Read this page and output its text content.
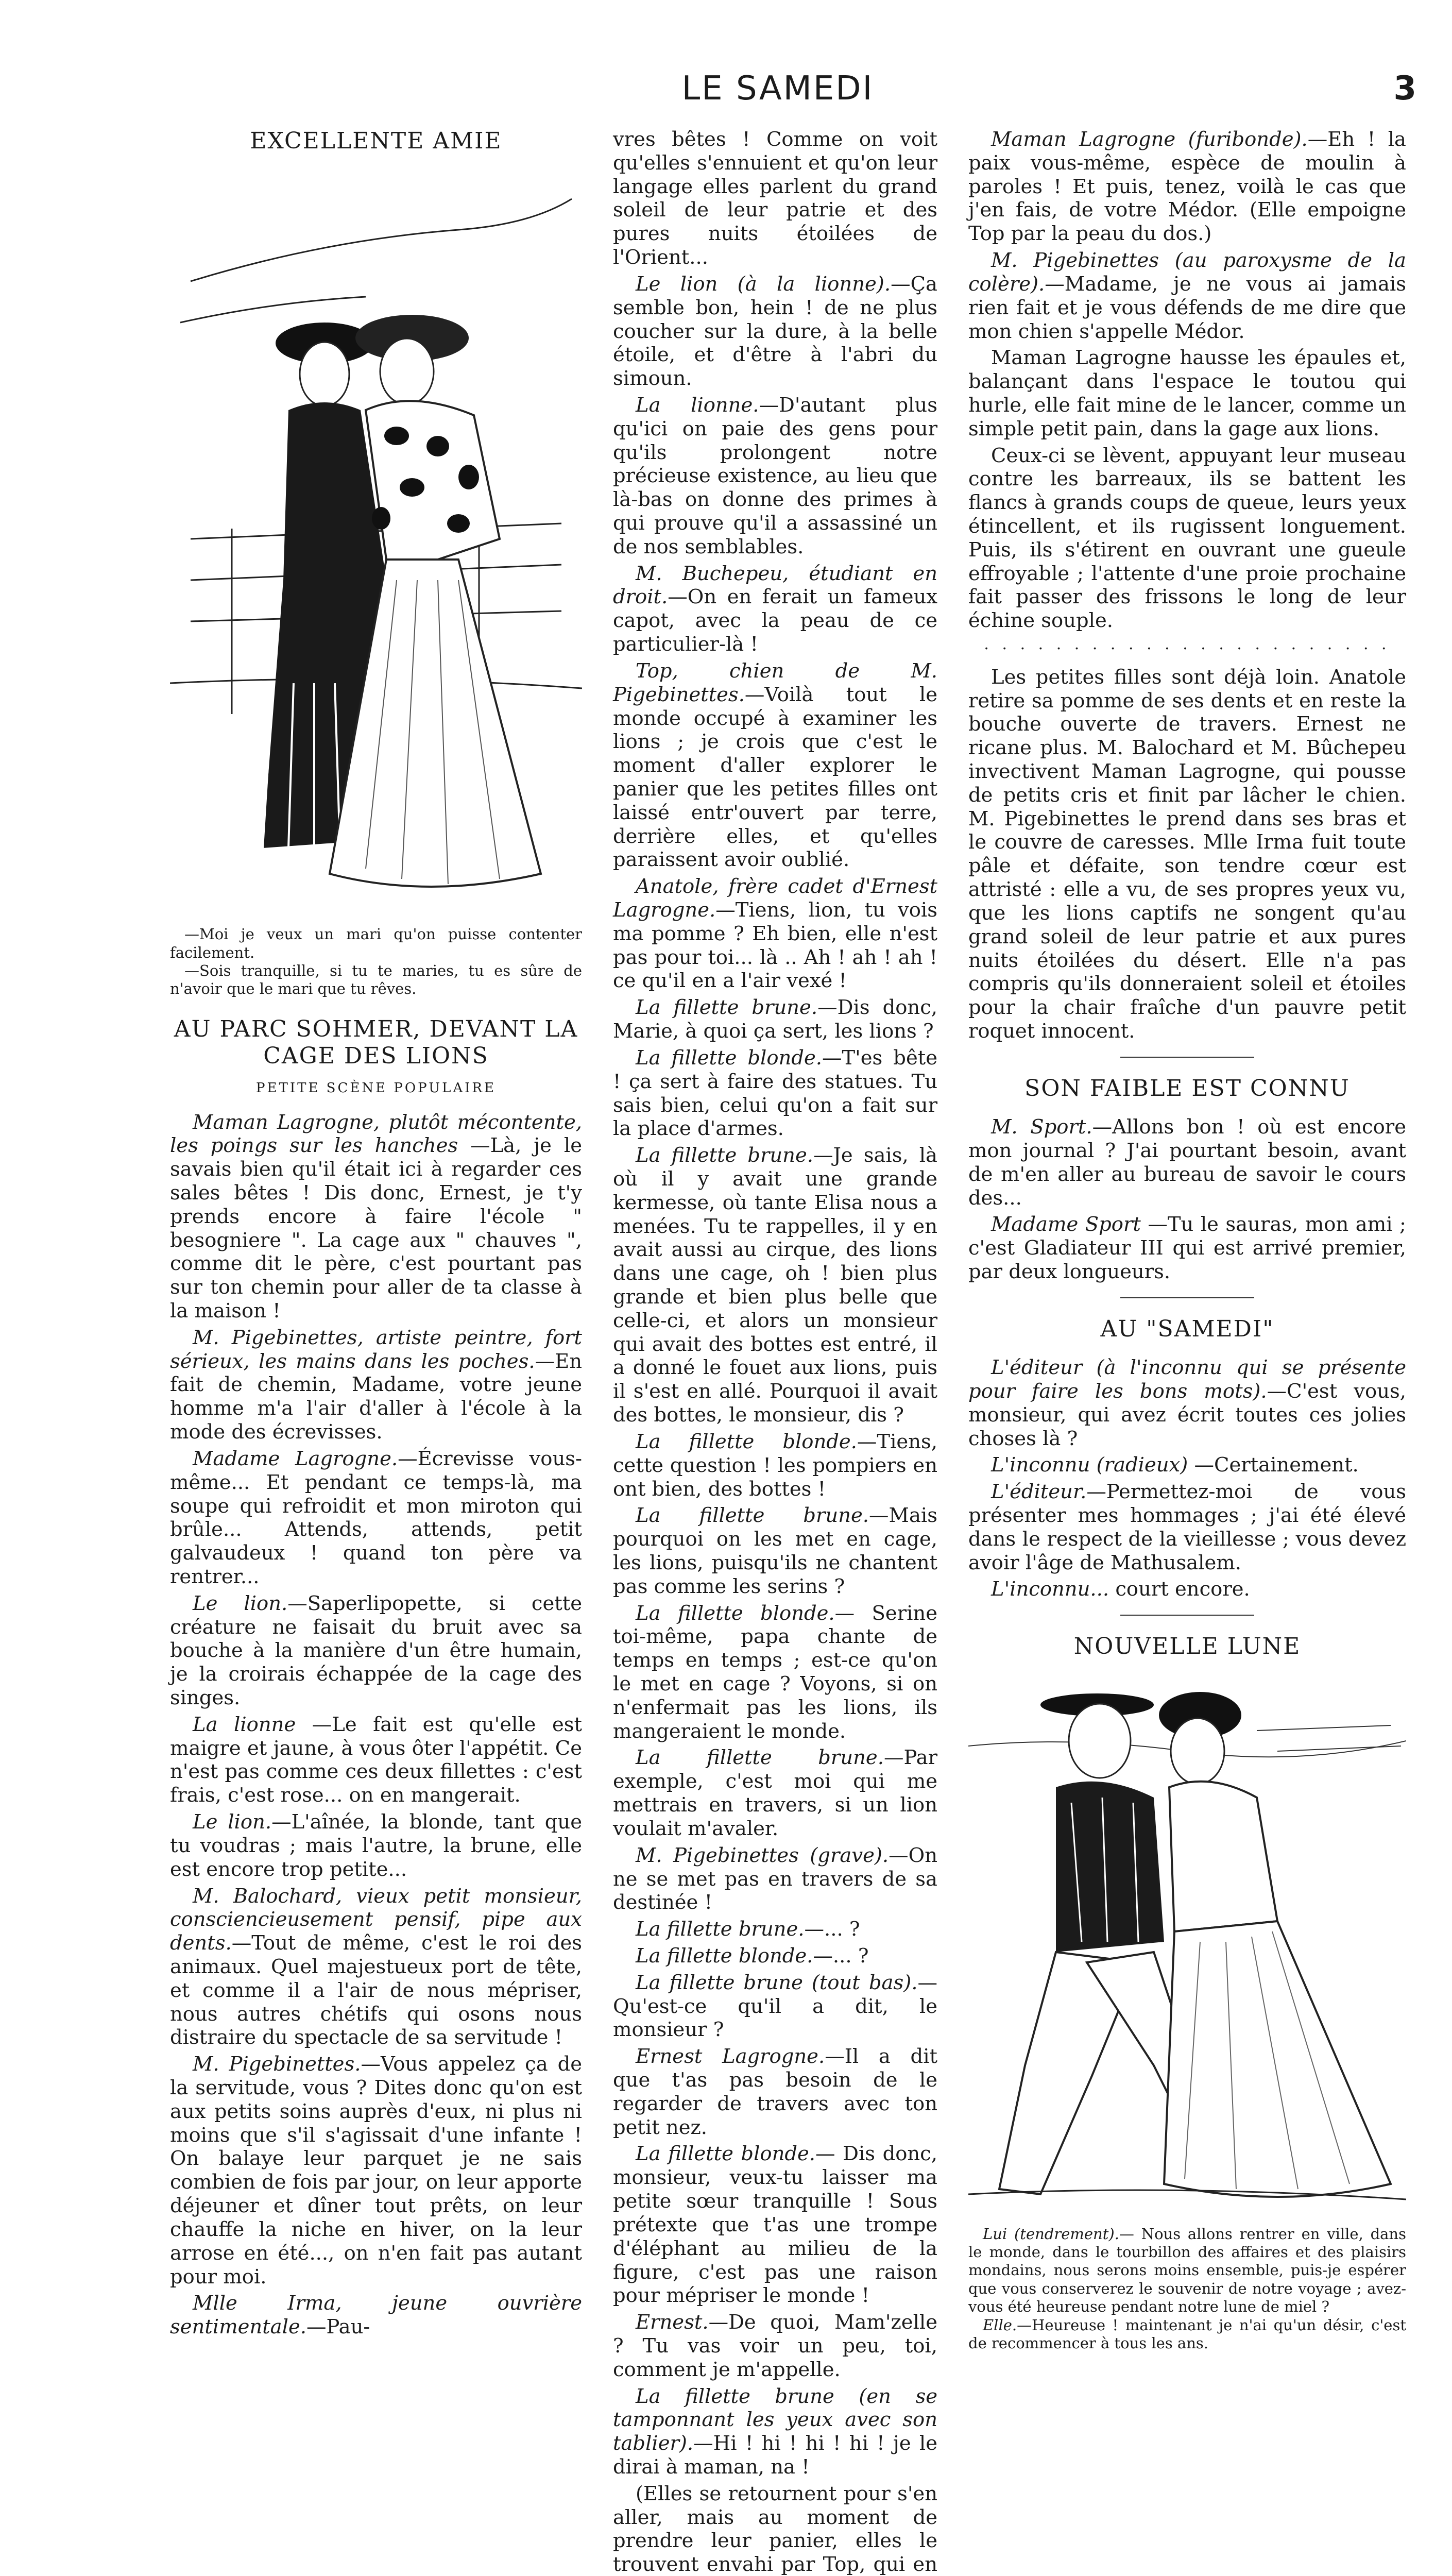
LE SAMEDI	3
EXCELLENTE AMIE

—Moi je veux un mari qu'on puisse contenter facilement.

—Sois tranquille, si tu te maries, tu es sûre de n'avoir que le mari que tu rêves.

AU PARC SOHMER, DEVANT LA CAGE DES LIONS
PETITE SCÈNE POPULAIRE

Maman Lagrogne, plutôt mécontente, les poings sur les hanches —Là, je le savais bien qu'il était ici à regarder ces sales bêtes ! Dis donc, Ernest, je t'y prends encore à faire l'école " besogniere ". La cage aux " chauves ", comme dit le père, c'est pourtant pas sur ton chemin pour aller de ta classe à la maison !

M. Pigebinettes, artiste peintre, fort sérieux, les mains dans les poches.—En fait de chemin, Madame, votre jeune homme m'a l'air d'aller à l'école à la mode des écrevisses.

Madame Lagrogne.—Écrevisse vous-même... Et pendant ce temps-là, ma soupe qui refroidit et mon miroton qui brûle... Attends, attends, petit galvaudeux ! quand ton père va rentrer...

Le lion.—Saperlipopette, si cette créature ne faisait du bruit avec sa bouche à la manière d'un être humain, je la croirais échappée de la cage des singes.

La lionne —Le fait est qu'elle est maigre et jaune, à vous ôter l'appétit. Ce n'est pas comme ces deux fillettes : c'est frais, c'est rose... on en mangerait.

Le lion.—L'aînée, la blonde, tant que tu voudras ; mais l'autre, la brune, elle est encore trop petite...

M. Balochard, vieux petit monsieur, consciencieusement pensif, pipe aux dents.—Tout de même, c'est le roi des animaux. Quel majestueux port de tête, et comme il a l'air de nous mépriser, nous autres chétifs qui osons nous distraire du spectacle de sa servitude !

M. Pigebinettes.—Vous appelez ça de la servitude, vous ? Dites donc qu'on est aux petits soins auprès d'eux, ni plus ni moins que s'il s'agissait d'une infante ! On balaye leur parquet je ne sais combien de fois par jour, on leur apporte déjeuner et dîner tout prêts, on leur chauffe la niche en hiver, on la leur arrose en été..., on n'en fait pas autant pour moi.

Mlle Irma, jeune ouvrière sentimentale.—Pau-

vres bêtes ! Comme on voit qu'elles s'ennuient et qu'on leur langage elles parlent du grand soleil de leur patrie et des pures nuits étoilées de l'Orient...

Le lion (à la lionne).—Ça semble bon, hein ! de ne plus coucher sur la dure, à la belle étoile, et d'être à l'abri du simoun.

La lionne.—D'autant plus qu'ici on paie des gens pour qu'ils prolongent notre précieuse existence, au lieu que là-bas on donne des primes à qui prouve qu'il a assassiné un de nos semblables.

M. Buchepeu, étudiant en droit.—On en ferait un fameux capot, avec la peau de ce particulier-là !

Top, chien de M. Pigebinettes.—Voilà tout le monde occupé à examiner les lions ; je crois que c'est le moment d'aller explorer le panier que les petites filles ont laissé entr'ouvert par terre, derrière elles, et qu'elles paraissent avoir oublié.

Anatole, frère cadet d'Ernest Lagrogne.—Tiens, lion, tu vois ma pomme ? Eh bien, elle n'est pas pour toi... là .. Ah ! ah ! ah ! ce qu'il en a l'air vexé !

La fillette brune.—Dis donc, Marie, à quoi ça sert, les lions ?

La fillette blonde.—T'es bête ! ça sert à faire des statues. Tu sais bien, celui qu'on a fait sur la place d'armes.

La fillette brune.—Je sais, là où il y avait une grande kermesse, où tante Elisa nous a menées. Tu te rappelles, il y en avait aussi au cirque, des lions dans une cage, oh ! bien plus grande et bien plus belle que celle-ci, et alors un monsieur qui avait des bottes est entré, il a donné le fouet aux lions, puis il s'est en allé. Pourquoi il avait des bottes, le monsieur, dis ?

La fillette blonde.—Tiens, cette question ! les pompiers en ont bien, des bottes !

La fillette brune.—Mais pourquoi on les met en cage, les lions, puisqu'ils ne chantent pas comme les serins ?

La fillette blonde.— Serine toi-même, papa chante de temps en temps ; est-ce qu'on le met en cage ? Voyons, si on n'enfermait pas les lions, ils mangeraient le monde.

La fillette brune.—Par exemple, c'est moi qui me mettrais en travers, si un lion voulait m'avaler.

M. Pigebinettes (grave).—On ne se met pas en travers de sa destinée !

La fillette brune.—... ?

La fillette blonde.—... ?

La fillette brune (tout bas).—Qu'est-ce qu'il a dit, le monsieur ?

Ernest Lagrogne.—Il a dit que t'as pas besoin de le regarder de travers avec ton petit nez.

La fillette blonde.— Dis donc, monsieur, veux-tu laisser ma petite sœur tranquille ! Sous prétexte que t'as une trompe d'éléphant au milieu de la figure, c'est pas une raison pour mépriser le monde !

Ernest.—De quoi, Mam'zelle ? Tu vas voir un peu, toi, comment je m'appelle.

La fillette brune (en se tamponnant les yeux avec son tablier).—Hi ! hi ! hi ! hi ! je le dirai à maman, na !

(Elles se retournent pour s'en aller, mais au moment de prendre leur panier, elles le trouvent envahi par Top, qui en

Maman Lagrogne (furibonde).—Eh ! la paix vous-même, espèce de moulin à paroles ! Et puis, tenez, voilà le cas que j'en fais, de votre Médor. (Elle empoigne Top par la peau du dos.)

M. Pigebinettes (au paroxysme de la colère).—Madame, je ne vous ai jamais rien fait et je vous défends de me dire que mon chien s'appelle Médor.

Maman Lagrogne hausse les épaules et, balançant dans l'espace le toutou qui hurle, elle fait mine de le lancer, comme un simple petit pain, dans la gage aux lions.

Ceux-ci se lèvent, appuyant leur museau contre les barreaux, ils se battent les flancs à grands coups de queue, leurs yeux étincellent, et ils rugissent longuement. Puis, ils s'étirent en ouvrant une gueule effroyable ; l'attente d'une proie prochaine fait passer des frissons le long de leur échine souple.

· · · · · · · · · · · · · · · · · · · · · · ·

Les petites filles sont déjà loin. Anatole retire sa pomme de ses dents et en reste la bouche ouverte de travers. Ernest ne ricane plus. M. Balochard et M. Bûchepeu invectivent Maman Lagrogne, qui pousse de petits cris et finit par lâcher le chien. M. Pigebinettes le prend dans ses bras et le couvre de caresses. Mlle Irma fuit toute pâle et défaite, son tendre cœur est attristé : elle a vu, de ses propres yeux vu, que les lions captifs ne songent qu'au grand soleil de leur patrie et aux pures nuits étoilées du désert. Elle n'a pas compris qu'ils donneraient soleil et étoiles pour la chair fraîche d'un pauvre petit roquet innocent.

SON FAIBLE EST CONNU

M. Sport.—Allons bon ! où est encore mon journal ? J'ai pourtant besoin, avant de m'en aller au bureau de savoir le cours des...

Madame Sport —Tu le sauras, mon ami ; c'est Gladiateur III qui est arrivé premier, par deux longueurs.

AU "SAMEDI"

L'éditeur (à l'inconnu qui se présente pour faire les bons mots).—C'est vous, monsieur, qui avez écrit toutes ces jolies choses là ?

L'inconnu (radieux) —Certainement.

L'éditeur.—Permettez-moi de vous présenter mes hommages ; j'ai été élevé dans le respect de la vieillesse ; vous devez avoir l'âge de Mathusalem.

L'inconnu... court encore.

NOUVELLE LUNE

Lui (tendrement).— Nous allons rentrer en ville, dans le monde, dans le tourbillon des affaires et des plaisirs mondains, nous serons moins ensemble, puis-je espérer que vous conserverez le souvenir de notre voyage ; avez-vous été heureuse pendant notre lune de miel ?

Elle.—Heureuse ! maintenant je n'ai qu'un désir, c'est de recommencer à tous les ans.
